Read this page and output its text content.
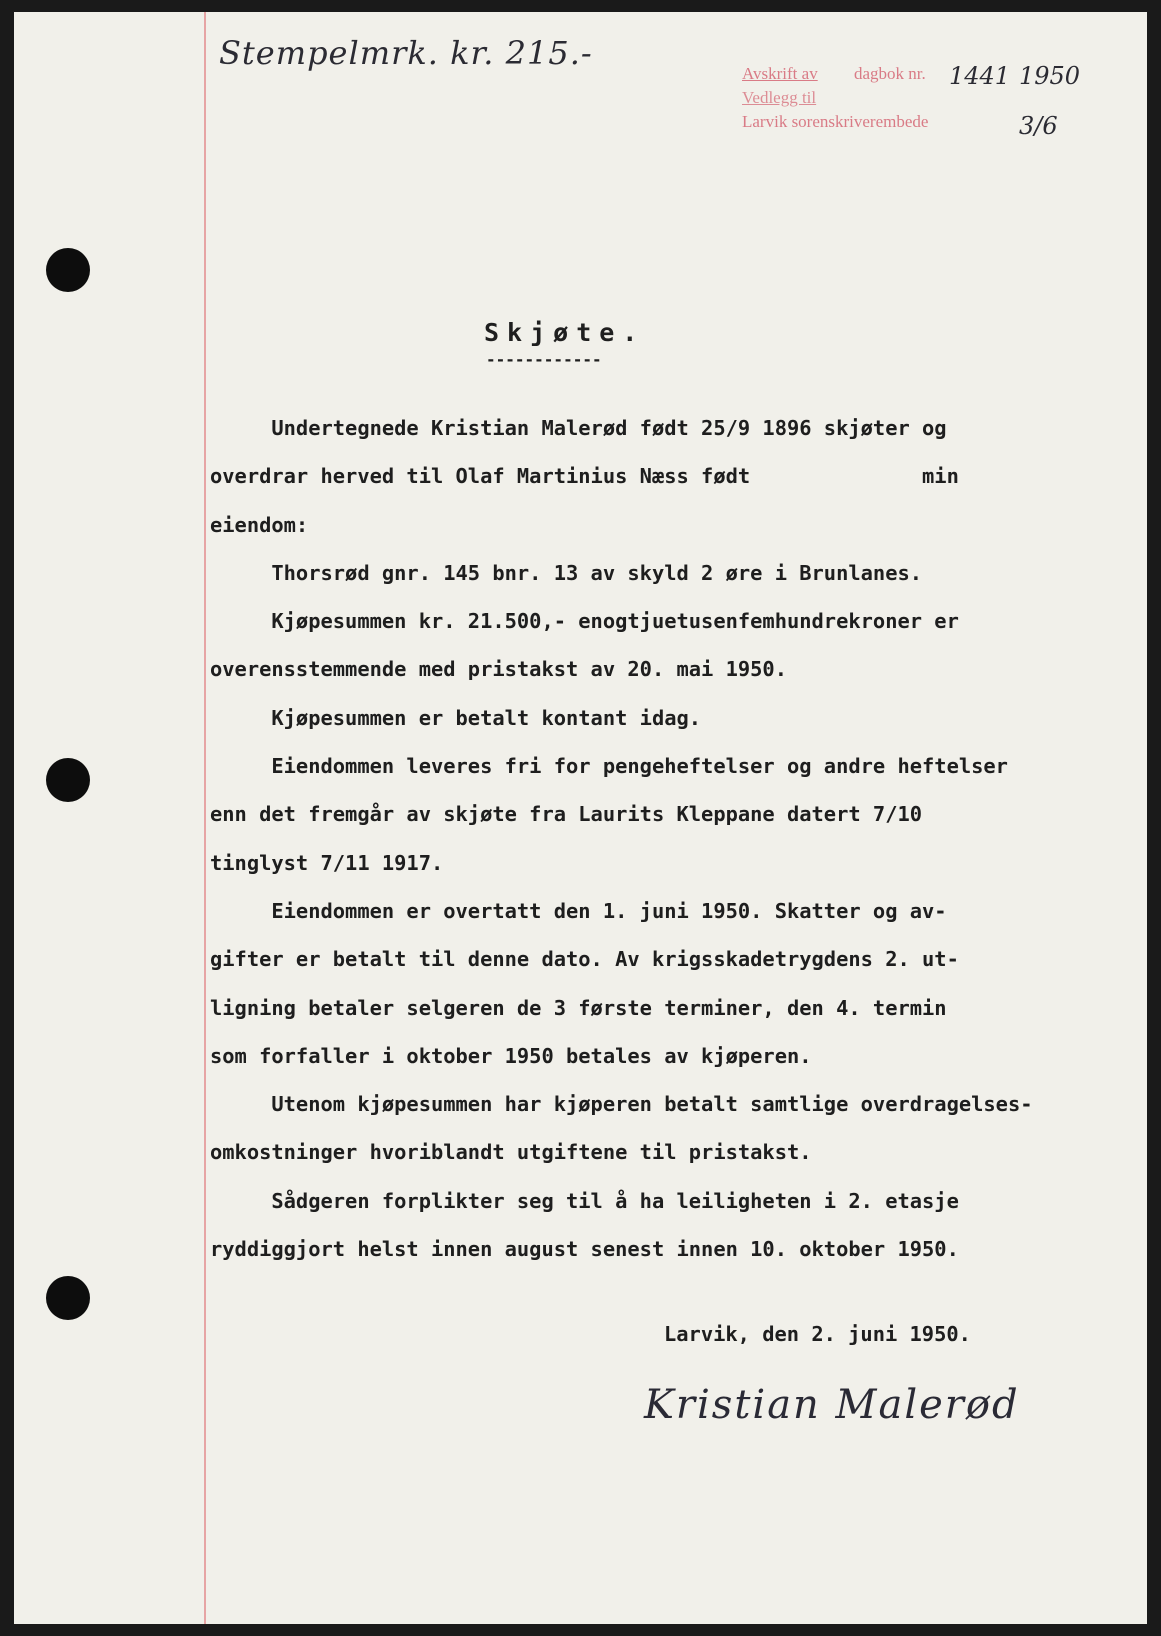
Stempelmrk. kr. 215.-
Avskrift av
Vedlegg til
Larvik sorenskriverembede
dagbok nr. 1441 1950
3/6
Skjøte.
------------
Undertegnede Kristian Malerød født 25/9 1896 skjøter og
overdrar herved til Olaf Martinius Næss født              min
eiendom:
Thorsrød gnr. 145 bnr. 13 av skyld 2 øre i Brunlanes.
Kjøpesummen kr. 21.500,- enogtjuetusenfemhundrekroner er
overensstemmende med pristakst av 20. mai 1950.
Kjøpesummen er betalt kontant idag.
Eiendommen leveres fri for pengeheftelser og andre heftelser
enn det fremgår av skjøte fra Laurits Kleppane datert 7/10
tinglyst 7/11 1917.
Eiendommen er overtatt den 1. juni 1950. Skatter og av-
gifter er betalt til denne dato. Av krigsskadetrygdens 2. ut-
ligning betaler selgeren de 3 første terminer, den 4. termin
som forfaller i oktober 1950 betales av kjøperen.
Utenom kjøpesummen har kjøperen betalt samtlige overdragelses-
omkostninger hvoriblandt utgiftene til pristakst.
Sådgeren forplikter seg til å ha leiligheten i 2. etasje
ryddiggjort helst innen august senest innen 10. oktober 1950.
Larvik, den 2. juni 1950.
Kristian Malerød
